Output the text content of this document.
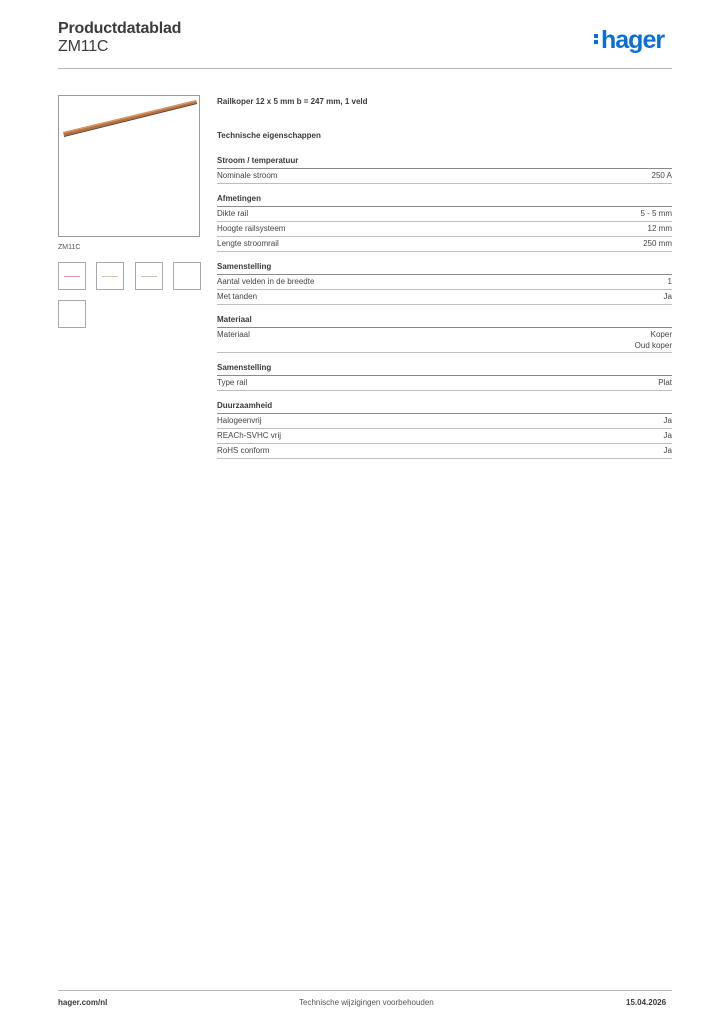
Productdatablad
ZM11C	hager
ZM11C
Railkoper 12 x 5 mm b = 247 mm, 1 veld
Technische eigenschappen
Stroom / temperatuur
Nominale stroom	250 A
Afmetingen
Dikte rail	5 - 5 mm
Hoogte railsysteem	12 mm
Lengte stroomrail	250 mm
Samenstelling
Aantal velden in de breedte	1
Met tanden	Ja
Materiaal
Materiaal	Koper
Oud koper
Samenstelling
Type rail	Plat
Duurzaamheid
Halogeenvrij	Ja
REACh-SVHC vrij	Ja
RoHS conform	Ja
hager.com/nl	Technische wijzigingen voorbehouden	15.04.2026
